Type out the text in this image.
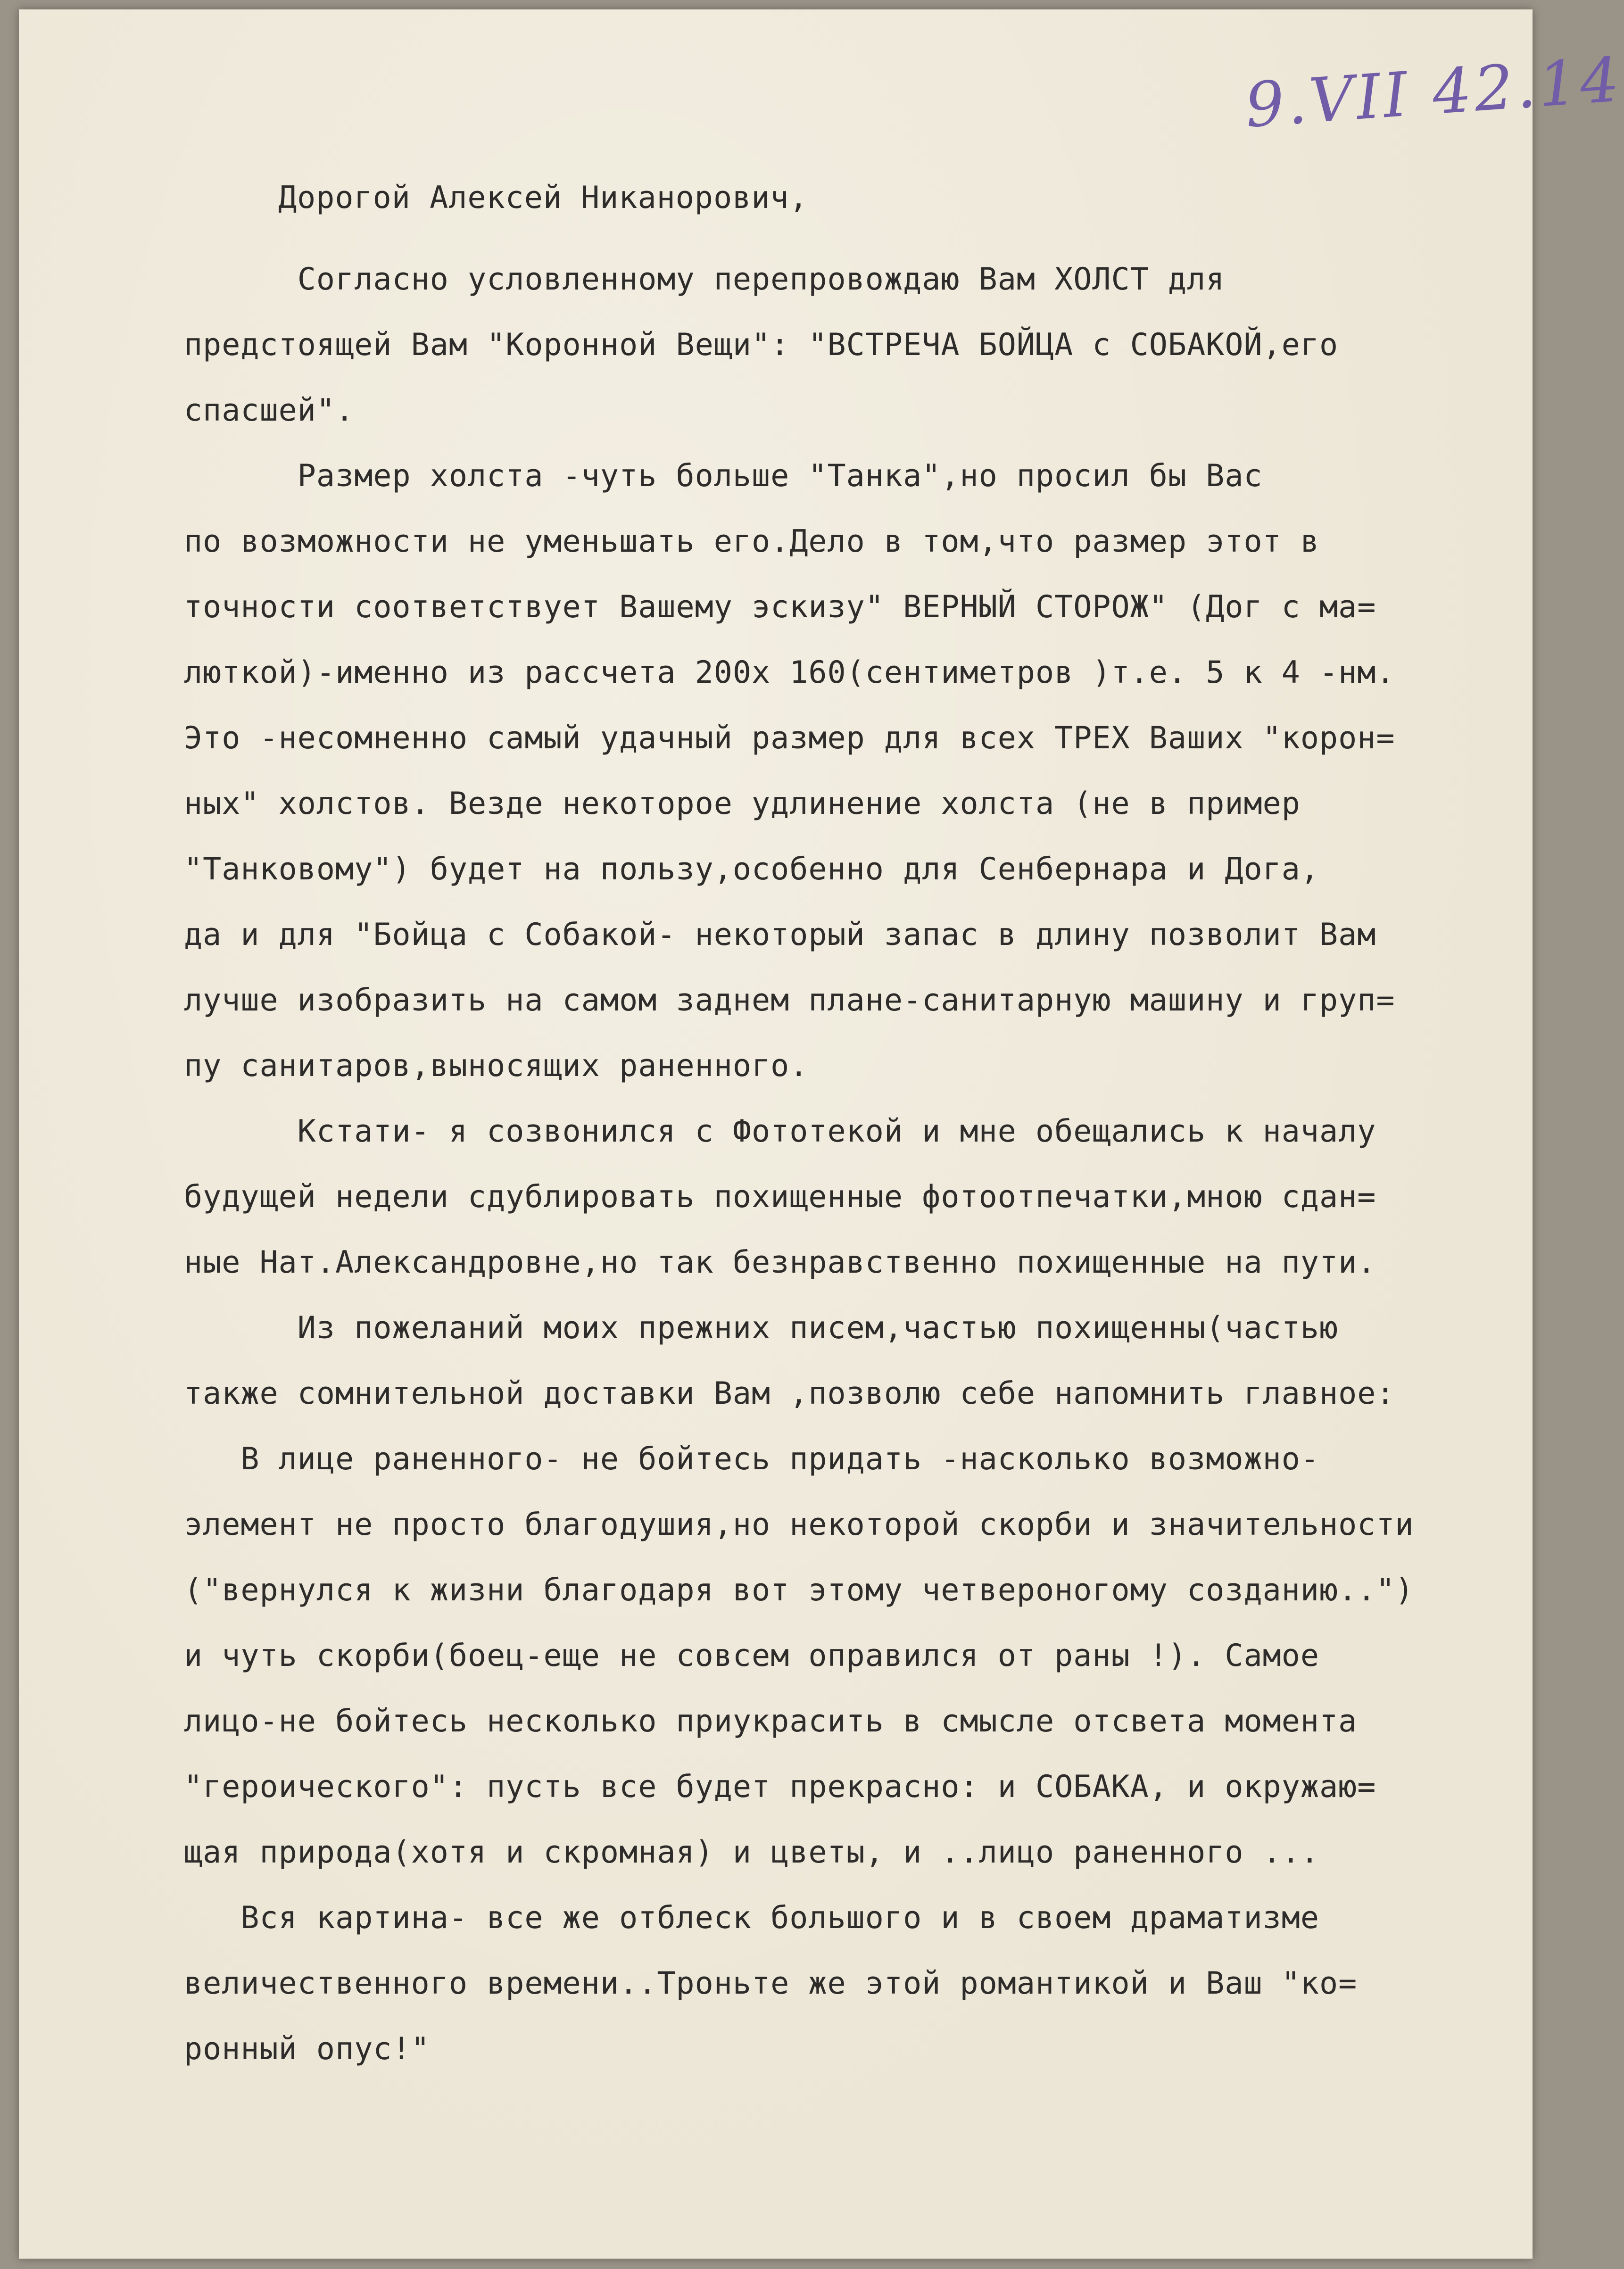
9.VII 42.14
Дорогой Алексей Никанорович,
Согласно условленному перепровождаю Вам ХОЛСТ для
предстоящей Вам "Коронной Вещи": "ВСТРЕЧА БОЙЦА с СОБАКОЙ,его
спасшей".
Размер холста -чуть больше "Танка",но просил бы Вас
по возможности не уменьшать его.Дело в том,что размер этот в
точности соответствует Вашему эскизу" ВЕРНЫЙ СТОРОЖ" (Дог с ма=
люткой)-именно из рассчета 200х 160(сентиметров )т.е. 5 к 4 -нм.
Это -несомненно самый удачный размер для всех ТРЕХ Ваших "корон=
ных" холстов. Везде некоторое удлинение холста (не в пример
"Танковому") будет на пользу,особенно для Сенбернара и Дога,
да и для "Бойца с Собакой- некоторый запас в длину позволит Вам
лучше изобразить на самом заднем плане-санитарную машину и груп=
пу санитаров,выносящих раненного.
Кстати- я созвонился с Фототекой и мне обещались к началу
будущей недели сдублировать похищенные фотоотпечатки,мною сдан=
ные Нат.Александровне,но так безнравственно похищенные на пути.
Из пожеланий моих прежних писем,частью похищенны(частью
также сомнительной доставки Вам ,позволю себе напомнить главное:
В лице раненного- не бойтесь придать -насколько возможно-
элемент не просто благодушия,но некоторой скорби и значительности
("вернулся к жизни благодаря вот этому четвероногому созданию..")
и чуть скорби(боец-еще не совсем оправился от раны !). Самое
лицо-не бойтесь несколько приукрасить в смысле отсвета момента
"героического": пусть все будет прекрасно: и СОБАКА, и окружаю=
щая природа(хотя и скромная) и цветы, и ..лицо раненного ...
Вся картина- все же отблеск большого и в своем драматизме
величественного времени..Троньте же этой романтикой и Ваш "ко=
ронный опус!"
